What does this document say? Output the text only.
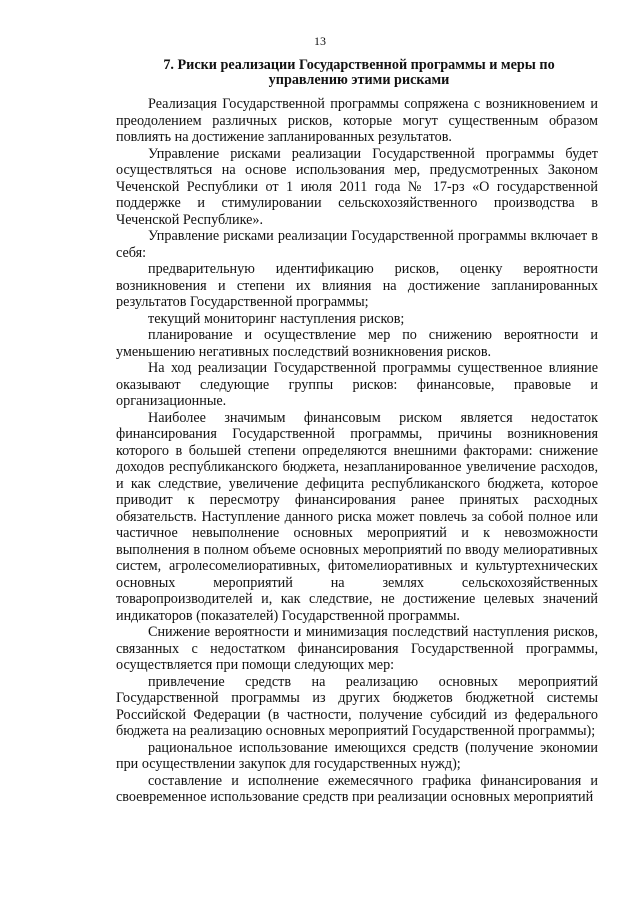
13
7. Риски реализации Государственной программы и меры по
управлению этими рисками

Реализация Государственной программы сопряжена с возникновением и преодолением различных рисков, которые могут существенным образом повлиять на достижение запланированных результатов.

Управление рисками реализации Государственной программы будет осуществляться на основе использования мер, предусмотренных Законом Чеченской Республики от 1 июля 2011 года № 17-рз «О государственной поддержке и стимулировании сельскохозяйственного производства в Чеченской Республике».

Управление рисками реализации Государственной программы включает в себя:

предварительную идентификацию рисков, оценку вероятности возникновения и степени их влияния на достижение запланированных результатов Государственной программы;

текущий мониторинг наступления рисков;

планирование и осуществление мер по снижению вероятности и уменьшению негативных последствий возникновения рисков.

На ход реализации Государственной программы существенное влияние оказывают следующие группы рисков: финансовые, правовые и организационные.

Наиболее значимым финансовым риском является недостаток финансирования Государственной программы, причины возникновения которого в большей степени определяются внешними факторами: снижение доходов республиканского бюджета, незапланированное увеличение расходов, и как следствие, увеличение дефицита республиканского бюджета, которое приводит к пересмотру финансирования ранее принятых расходных обязательств. Наступление данного риска может повлечь за собой полное или частичное невыполнение основных мероприятий и к невозможности выполнения в полном объеме основных мероприятий по вводу мелиоративных систем, агролесомелиоративных, фитомелиоративных и культуртехнических основных мероприятий на землях сельскохозяйственных товаропроизводителей и, как следствие, не достижение целевых значений индикаторов (показателей) Государственной программы.

Снижение вероятности и минимизация последствий наступления рисков, связанных с недостатком финансирования Государственной программы, осуществляется при помощи следующих мер:

привлечение средств на реализацию основных мероприятий Государственной программы из других бюджетов бюджетной системы Российской Федерации (в частности, получение субсидий из федерального бюджета на реализацию основных мероприятий Государственной программы);

рациональное использование имеющихся средств (получение экономии при осуществлении закупок для государственных нужд);

составление и исполнение ежемесячного графика финансирования и своевременное использование средств при реализации основных мероприятий
